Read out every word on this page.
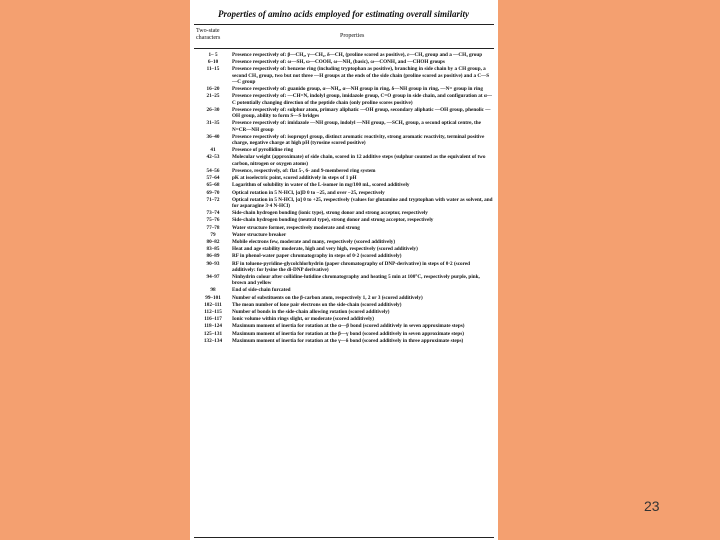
Properties of amino acids employed for estimating overall similarity
Two-state characters	Properties
1– 5	Presence respectively of: β—CH₂, γ—CH₂, δ—CH₂ (proline scored as positive), ε—CH₂ group and a —CH₃ group
6–10	Presence respectively of: ω—SH, ω—COOH, ω—NH₂ (basic), ω—CONH₂ and —CHOH groups
11–15	Presence respectively of: benzene ring (including tryptophan as positive), branching in side chain by a CH group, a second CH₃ group, two but not three —H groups at the ends of the side chain (proline scored as positive) and a C—S—C group
16–20	Presence respectively of: guanido group, α—NH₂, α—NH group in ring, δ—NH group in ring, —N= group in ring
21–25	Presence respectively of: —CH=N, indolyl group, imidazole group, C=O group in side chain, and configuration at α—C potentially changing direction of the peptide chain (only proline scores positive)
26–30	Presence respectively of: sulphur atom, primary aliphatic —OH group, secondary aliphatic —OH group, phenolic —OH group, ability to form S—S bridges
31–35	Presence respectively of: imidazole —NH group, indolyl —NH group, —SCH₃ group, a second optical centre, the N=CR—NH group
36–40	Presence respectively of: isopropyl group, distinct aromatic reactivity, strong aromatic reactivity, terminal positive charge, negative charge at high pH (tyrosine scored positive)
41	Presence of pyrollidine ring
42–53	Molecular weight (approximate) of side chain, scored in 12 additive steps (sulphur counted as the equivalent of two carbon, nitrogen or oxygen atoms)
54–56	Presence, respectively, of: flat 5-, 6- and 9-membered ring system
57–64	pK at isoelectric point, scored additively in steps of 1 pH
65–68	Logarithm of solubility in water of the L-isomer in mg/100 ml., scored additively
69–70	Optical rotation in 5 N-HCl, [α]D 0 to −25, and over −25, respectively
71–72	Optical rotation in 5 N-HCl, [α] 0 to +25, respectively (values for glutamine and tryptophan with water as solvent, and for asparagine 3·4 N-HCl)
73–74	Side-chain hydrogen bonding (ionic type), strong donor and strong acceptor, respectively
75–76	Side-chain hydrogen bonding (neutral type), strong donor and strong acceptor, respectively
77–78	Water structure former, respectively moderate and strong
79	Water structure breaker
80–82	Mobile electrons few, moderate and many, respectively (scored additively)
83–85	Heat and age stability moderate, high and very high, respectively (scored additively)
86–89	RF in phenol-water paper chromatography in steps of 0·2 (scored additively)
90–93	RF in toluene-pyridine-glycolchlorhydrin (paper chromatography of DNP-derivative) in steps of 0·2 (scored additively: for lysine the di-DNP derivative)
94–97	Ninhydrin colour after collidine-lutidine chromatography and heating 5 min at 100°C, respectively purple, pink, brown and yellow
98	End of side-chain furcated
99–101	Number of substituents on the β-carbon atom, respectively 1, 2 or 3 (scored additively)
102–111	The mean number of lone pair electrons on the side-chain (scored additively)
112–115	Number of bonds in the side-chain allowing rotation (scored additively)
116–117	Ionic volume within rings slight, or moderate (scored additively)
118–124	Maximum moment of inertia for rotation at the α—β bond (scored additively in seven approximate steps)
125–131	Maximum moment of inertia for rotation at the β—γ bond (scored additively in seven approximate steps)
132–134	Maximum moment of inertia for rotation at the γ—δ bond (scored additively in three approximate steps)
23
